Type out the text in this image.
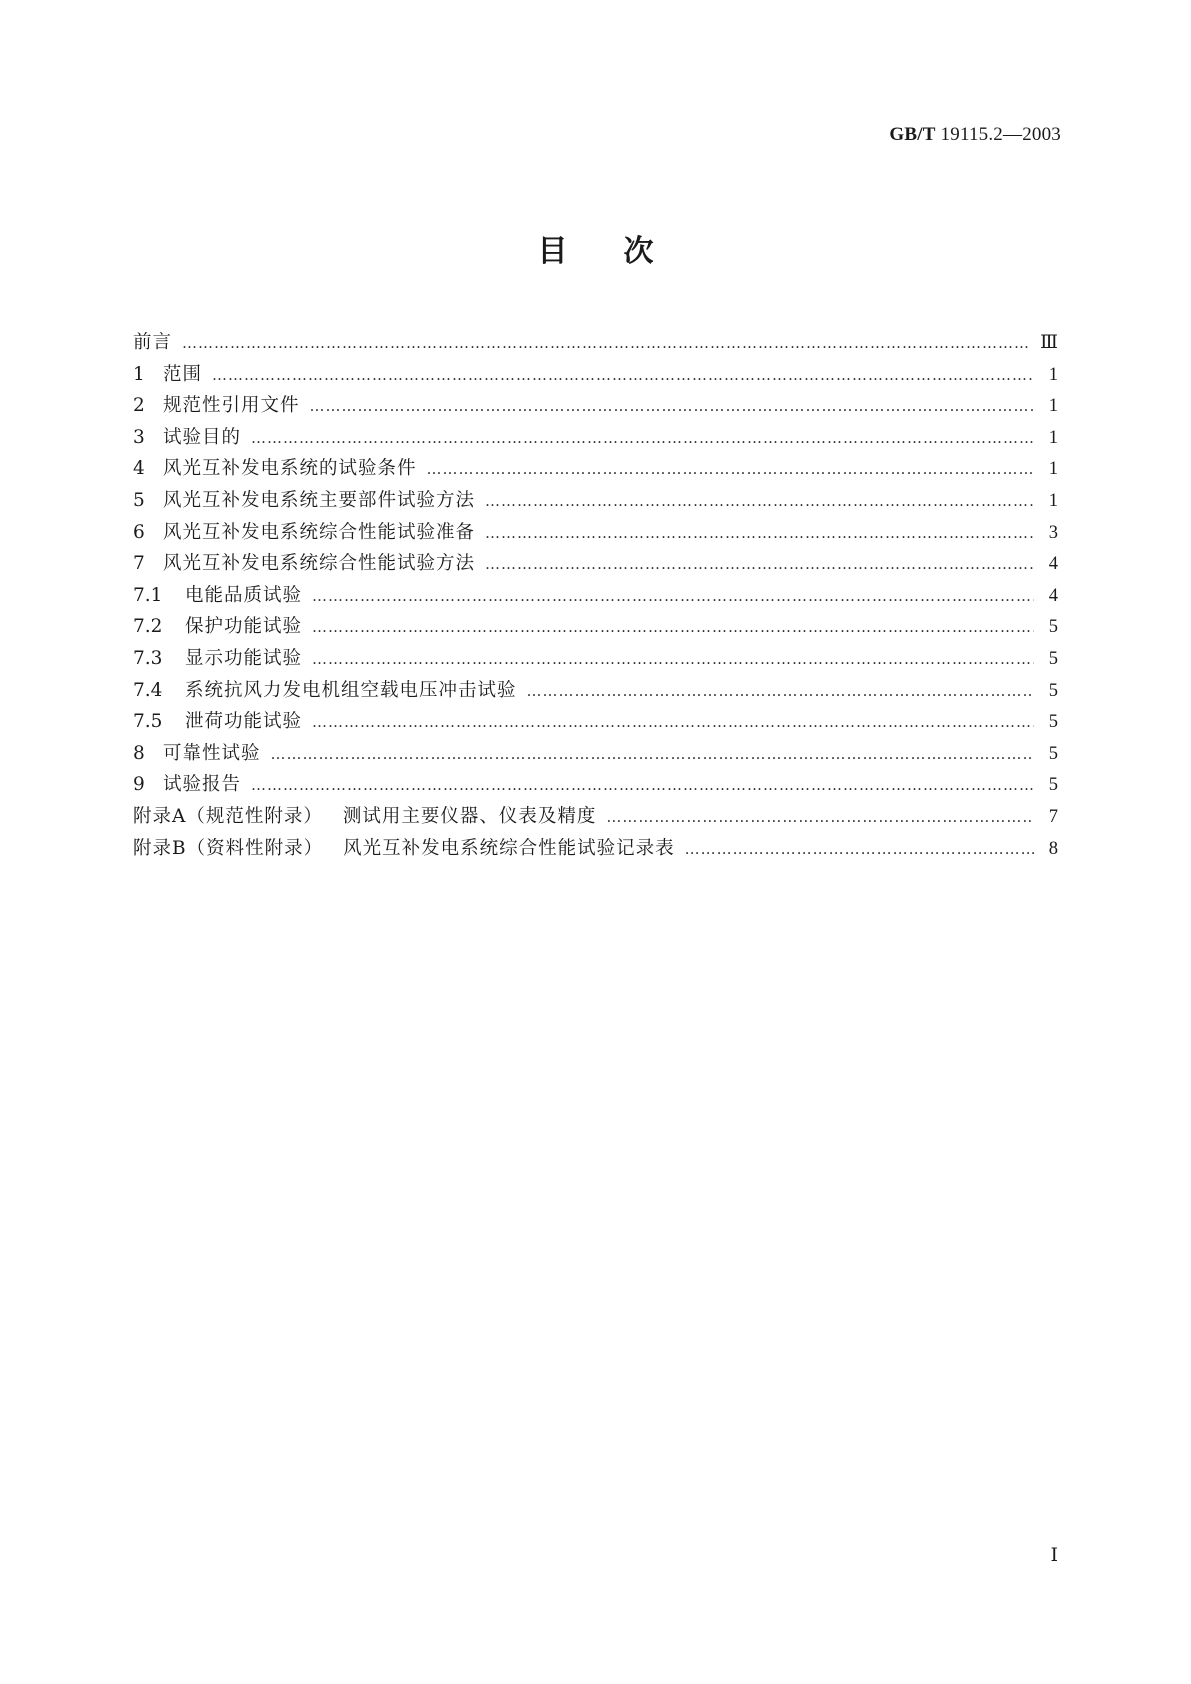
GB/T 19115.2—2003
目次
前言 ……………………………………………………………………………………………………………………………………………………………………………………………………………	Ⅲ
1 范围 ……………………………………………………………………………………………………………………………………………………………………………………………………………	1
2 规范性引用文件 ……………………………………………………………………………………………………………………………………………………………………………………………………………	1
3 试验目的 ……………………………………………………………………………………………………………………………………………………………………………………………………………	1
4 风光互补发电系统的试验条件 ……………………………………………………………………………………………………………………………………………………………………………………………………………	1
5 风光互补发电系统主要部件试验方法 ……………………………………………………………………………………………………………………………………………………………………………………………………………	1
6 风光互补发电系统综合性能试验准备 ……………………………………………………………………………………………………………………………………………………………………………………………………………	3
7 风光互补发电系统综合性能试验方法 ……………………………………………………………………………………………………………………………………………………………………………………………………………	4
7.1	电能品质试验 ……………………………………………………………………………………………………………………………………………………………………………………………………………	4
7.2	保护功能试验 ……………………………………………………………………………………………………………………………………………………………………………………………………………	5
7.3	显示功能试验 ……………………………………………………………………………………………………………………………………………………………………………………………………………	5
7.4	系统抗风力发电机组空载电压冲击试验 ……………………………………………………………………………………………………………………………………………………………………………………………………………	5
7.5	泄荷功能试验 ……………………………………………………………………………………………………………………………………………………………………………………………………………	5
8 可靠性试验 ……………………………………………………………………………………………………………………………………………………………………………………………………………	5
9 试验报告 ……………………………………………………………………………………………………………………………………………………………………………………………………………	5
附录A（规范性附录） 测试用主要仪器、仪表及精度 ……………………………………………………………………………………………………………………………………………………………………………………………………………	7
附录B（资料性附录） 风光互补发电系统综合性能试验记录表 ……………………………………………………………………………………………………………………………………………………………………………………………………………	8
Ⅰ
